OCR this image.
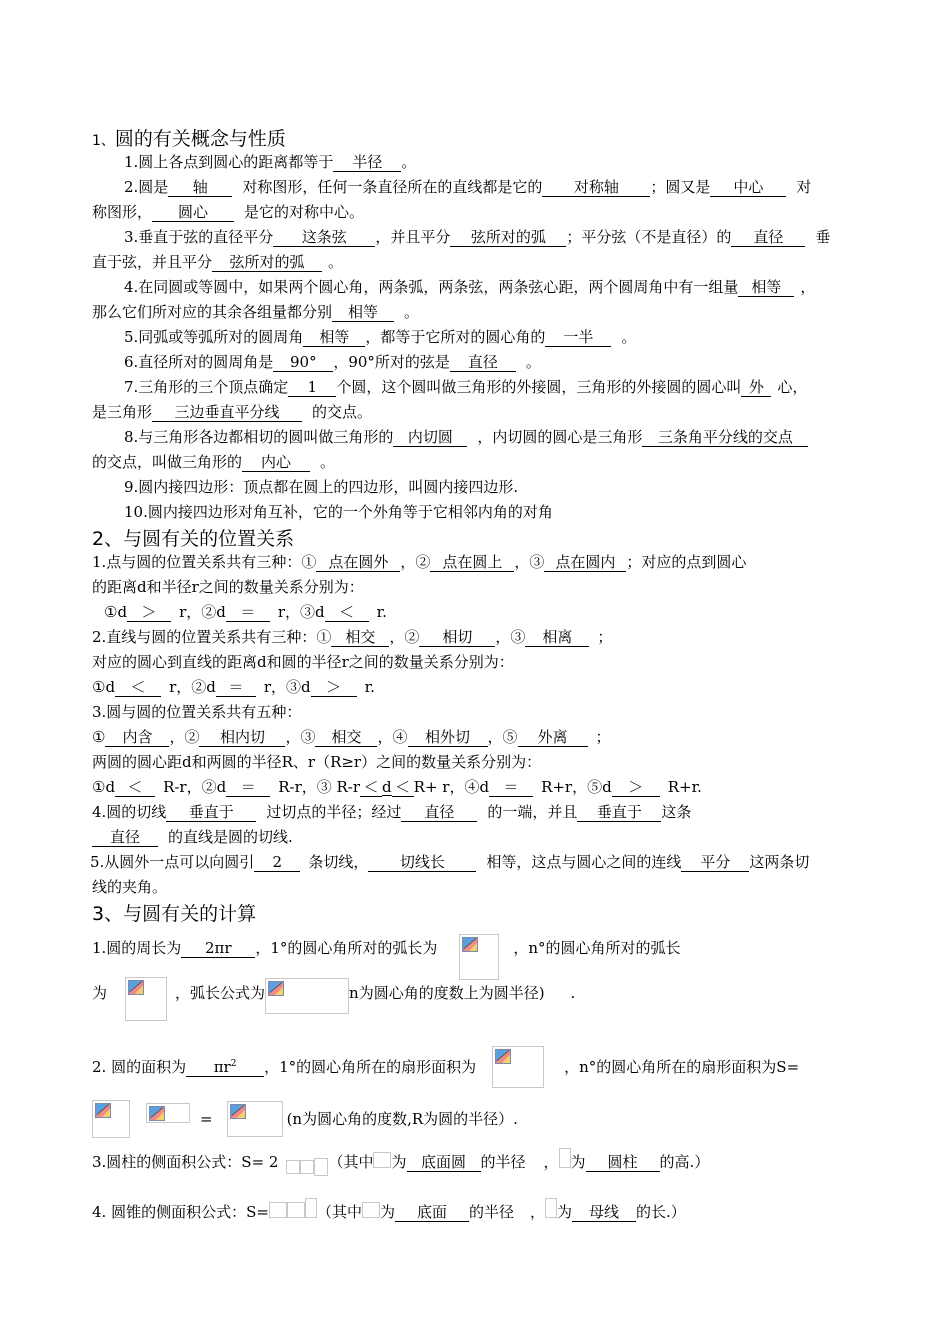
1、圆的有关概念与性质
1.圆上各点到圆心的距离都等于 半径 。
2.圆是 轴 对称图形，任何一条直径所在的直线都是它的 对称轴 ；圆又是 中心 对
称图形， 圆心 是它的对称中心。
3.垂直于弦的直径平分 这条弦 ，并且平分 弦所对的弧 ；平分弦（不是直径）的 直径 垂
直于弦，并且平分 弦所对的弧 。
4.在同圆或等圆中，如果两个圆心角，两条弧，两条弦，两条弦心距，两个圆周角中有一组量 相等 ，
那么它们所对应的其余各组量都分别 相等 。
5.同弧或等弧所对的圆周角 相等 ，都等于它所对的圆心角的 一半 。
6.直径所对的圆周角是 90° ，90°所对的弦是 直径 。
7.三角形的三个顶点确定 1 个圆，这个圆叫做三角形的外接圆，三角形的外接圆的圆心叫 外 心，
是三角形 三边垂直平分线 的交点。
8.与三角形各边都相切的圆叫做三角形的 内切圆 ，内切圆的圆心是三角形 三条角平分线的交点
的交点，叫做三角形的 内心 。
9.圆内接四边形：顶点都在圆上的四边形，叫圆内接四边形.
10.圆内接四边形对角互补，它的一个外角等于它相邻内角的对角
2、与圆有关的位置关系
1.点与圆的位置关系共有三种：① 点在圆外 ，② 点在圆上 ，③ 点在圆内 ；对应的点到圆心
的距离d和半径r之间的数量关系分别为：
①d ＞ r，②d ＝ r，③d ＜ r.
2.直线与圆的位置关系共有三种：① 相交 ，② 相切 ，③ 相离 ；
对应的圆心到直线的距离d和圆的半径r之间的数量关系分别为：
①d ＜ r，②d ＝ r，③d ＞ r.
3.圆与圆的位置关系共有五种：
① 内含 ，② 相内切 ，③ 相交 ，④ 相外切 ，⑤ 外离 ；
两圆的圆心距d和两圆的半径R、r（R≥r）之间的数量关系分别为：
①d ＜ R-r，②d ＝ R-r，③ R-r ＜ d ＜ R+ r，④d ＝ R+r，⑤d ＞ R+r.
4.圆的切线 垂直于 过切点的半径；经过 直径 的一端，并且 垂直于 这条
直径 的直线是圆的切线.
5.从圆外一点可以向圆引 2 条切线， 切线长	相等，这点与圆心之间的连线 平分 这两条切
线的夹角。
3、与圆有关的计算
1.圆的周长为 2πr ，1°的圆心角所对的弧长为	，n°的圆心角所对的弧长
为	，弧长公式为	n为圆心角的度数上为圆半径) .
2. 圆的面积为 $\pi r^2$ ，1°的圆心角所在的扇形面积为	，n°的圆心角所在的扇形面积为S=
=	(n为圆心角的度数,R为圆的半径）.
3.圆柱的侧面积公式：S= 2	（其中 为 底面圆 的半径 ， 为 圆柱 的高.）
4. 圆锥的侧面积公式：S=	（其中 为 底面 的半径 ， 为 母线 的长.）
